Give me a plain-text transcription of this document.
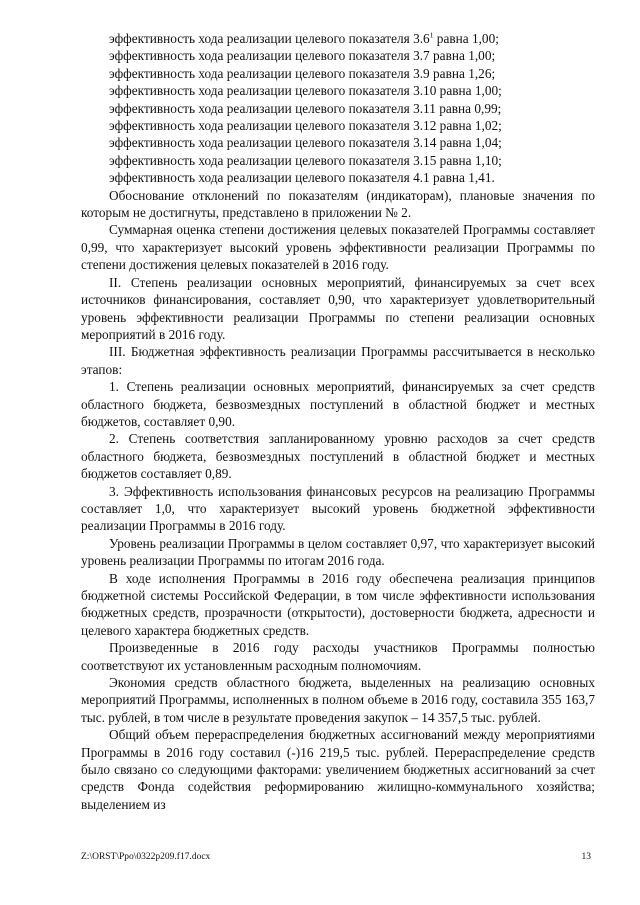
эффективность хода реализации целевого показателя $3.6^1$ равна 1,00;

эффективность хода реализации целевого показателя 3.7 равна 1,00;

эффективность хода реализации целевого показателя 3.9 равна 1,26;

эффективность хода реализации целевого показателя 3.10 равна 1,00;

эффективность хода реализации целевого показателя 3.11 равна 0,99;

эффективность хода реализации целевого показателя 3.12 равна 1,02;

эффективность хода реализации целевого показателя 3.14 равна 1,04;

эффективность хода реализации целевого показателя 3.15 равна 1,10;

эффективность хода реализации целевого показателя 4.1 равна 1,41.

Обоснование отклонений по показателям (индикаторам), плановые значения по которым не достигнуты, представлено в приложении № 2.

Суммарная оценка степени достижения целевых показателей Программы составляет 0,99, что характеризует высокий уровень эффективности реализации Программы по степени достижения целевых показателей в 2016 году.

II. Степень реализации основных мероприятий, финансируемых за счет всех источников финансирования, составляет 0,90, что характеризует удовлетворительный уровень эффективности реализации Программы по степени реализации основных мероприятий в 2016 году.

III. Бюджетная эффективность реализации Программы рассчитывается в несколько этапов:

1. Степень реализации основных мероприятий, финансируемых за счет средств областного бюджета, безвозмездных поступлений в областной бюджет и местных бюджетов, составляет 0,90.

2. Степень соответствия запланированному уровню расходов за счет средств областного бюджета, безвозмездных поступлений в областной бюджет и местных бюджетов составляет 0,89.

3. Эффективность использования финансовых ресурсов на реализацию Программы составляет 1,0, что характеризует высокий уровень бюджетной эффективности реализации Программы в 2016 году.

Уровень реализации Программы в целом составляет 0,97, что характеризует высокий уровень реализации Программы по итогам 2016 года.

В ходе исполнения Программы в 2016 году обеспечена реализация принципов бюджетной системы Российской Федерации, в том числе эффективности использования бюджетных средств, прозрачности (открытости), достоверности бюджета, адресности и целевого характера бюджетных средств.

Произведенные в 2016 году расходы участников Программы полностью соответствуют их установленным расходным полномочиям.

Экономия средств областного бюджета, выделенных на реализацию основных мероприятий Программы, исполненных в полном объеме в 2016 году, составила 355 163,7 тыс. рублей, в том числе в результате проведения закупок – 14 357,5 тыс. рублей.

Общий объем перераспределения бюджетных ассигнований между мероприятиями Программы в 2016 году составил (-)16 219,5 тыс. рублей. Перераспределение средств было связано со следующими факторами: увеличением бюджетных ассигнований за счет средств Фонда содействия реформированию жилищно-коммунального хозяйства; выделением из

Z:\ORST\Ppo\0322p209.f17.docx	13
